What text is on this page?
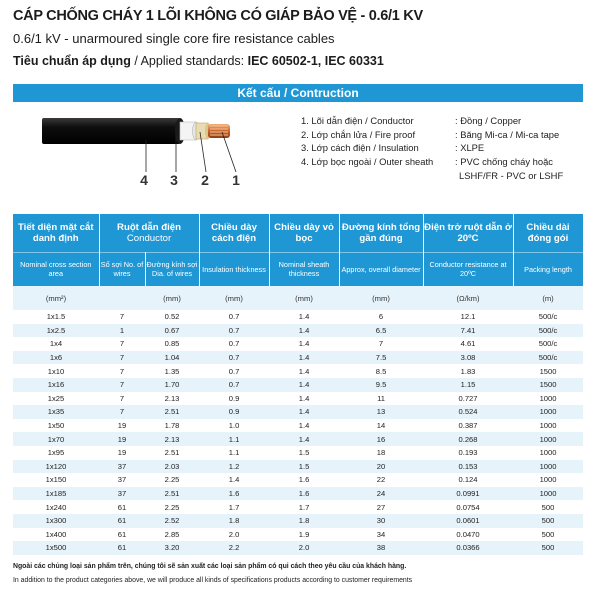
CÁP CHỐNG CHÁY 1 LÕI KHÔNG CÓ GIÁP BẢO VỆ - 0.6/1 KV
0.6/1 kV - unarmoured single core fire resistance cables
Tiêu chuẩn áp dụng / Applied standards: IEC 60502-1, IEC 60331
Kết cấu / Contruction
4 3 2 1
1. Lõi dẫn điện / Conductor
2. Lớp chắn lửa / Fire proof
3. Lớp cách điện / Insulation
4. Lớp bọc ngoài / Outer sheath
: Đồng / Copper
: Băng Mi-ca / Mi-ca tape
: XLPE
: PVC chống cháy hoặc
LSHF/FR - PVC or LSHF
Tiết diện mặt cắt danh định	Ruột dẫn điện
Conductor		Chiều dày cách điện	Chiều dày vỏ bọc	Đường kính tổng gần đúng	Điện trở ruột dẫn ở 20ºC	Chiều dài đóng gói

Nominal cross section area	Số sợi No. of wires	Đường kính sợi Dia. of wires	Insulation thickness	Nominal sheath thickness	Approx, overall diameter	Conductor resistance at 20ºC	Packing length
(mm²)		(mm)	(mm)	(mm)	(mm)	(Ω/km)	(m)
1x1.5	7	0.52	0.7	1.4	6	12.1	500/c
1x2.5	1	0.67	0.7	1.4	6.5	7.41	500/c
1x4	7	0.85	0.7	1.4	7	4.61	500/c
1x6	7	1.04	0.7	1.4	7.5	3.08	500/c
1x10	7	1.35	0.7	1.4	8.5	1.83	1500
1x16	7	1.70	0.7	1.4	9.5	1.15	1500
1x25	7	2.13	0.9	1.4	11	0.727	1000
1x35	7	2.51	0.9	1.4	13	0.524	1000
1x50	19	1.78	1.0	1.4	14	0.387	1000
1x70	19	2.13	1.1	1.4	16	0.268	1000
1x95	19	2.51	1.1	1.5	18	0.193	1000
1x120	37	2.03	1.2	1.5	20	0.153	1000
1x150	37	2.25	1.4	1.6	22	0.124	1000
1x185	37	2.51	1.6	1.6	24	0.0991	1000
1x240	61	2.25	1.7	1.7	27	0.0754	500
1x300	61	2.52	1.8	1.8	30	0.0601	500
1x400	61	2.85	2.0	1.9	34	0.0470	500
1x500	61	3.20	2.2	2.0	38	0.0366	500
Ngoài các chủng loại sản phẩm trên, chúng tôi sẽ sản xuất các loại sản phẩm có qui cách theo yêu cầu của khách hàng.
In addition to the product categories above, we will produce all kinds of specifications products according to customer requirements
